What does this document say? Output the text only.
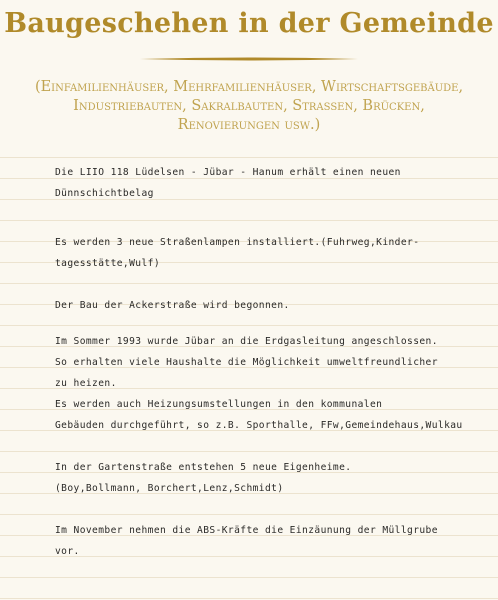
Baugeschehen in der Gemeinde
(Einfamilienhäuser, Mehrfamilienhäuser, Wirtschaftsgebäude,
Industriebauten, Sakralbauten, Strassen, Brücken,
Renovierungen usw.)
Die LIIO 118 Lüdelsen - Jübar - Hanum erhält einen neuen
Dünnschichtbelag
Es werden 3 neue Straßenlampen installiert.(Fuhrweg,Kinder-
tagesstätte,Wulf)
Der Bau der Ackerstraße wird begonnen.
Im Sommer 1993 wurde Jübar an die Erdgasleitung angeschlossen.
So erhalten viele Haushalte die Möglichkeit umweltfreundlicher
zu heizen.
Es werden auch Heizungsumstellungen in den kommunalen
Gebäuden durchgeführt, so z.B. Sporthalle, FFw,Gemeindehaus,Wulkau
In der Gartenstraße entstehen 5 neue Eigenheime.
(Boy,Bollmann, Borchert,Lenz,Schmidt)
Im November nehmen die ABS-Kräfte die Einzäunung der Müllgrube
vor.
